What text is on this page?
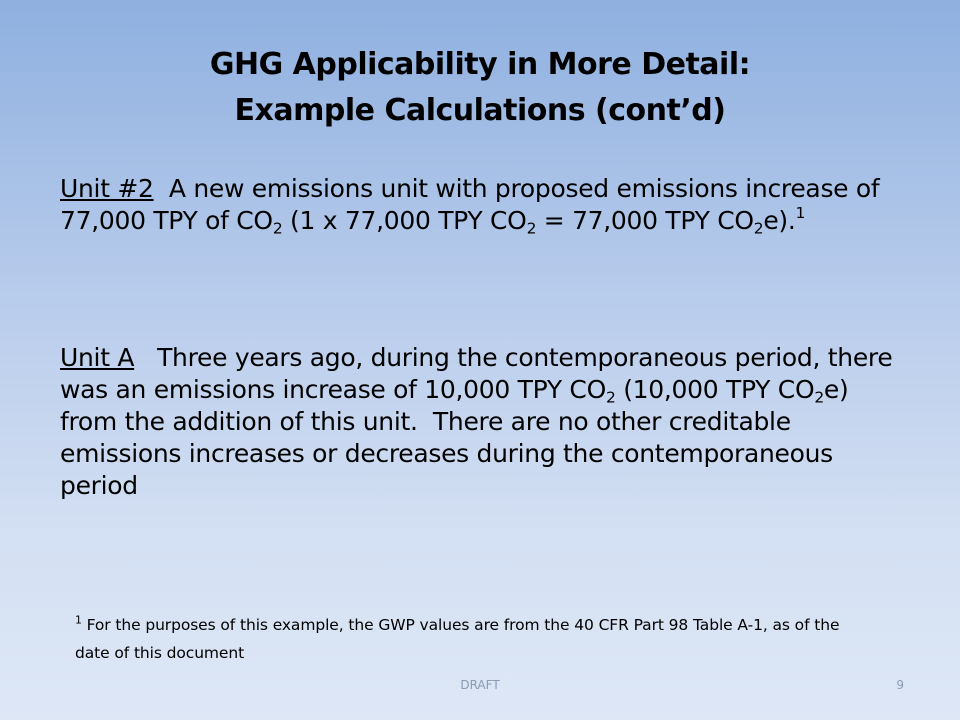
GHG Applicability in More Detail:
Example Calculations (cont’d)
Unit #2  A new emissions unit with proposed emissions increase of 77,000 TPY of $CO_2$ (1 x 77,000 TPY $CO_2 = 77,000$ TPY $CO_2e).^1$
Unit A   Three years ago, during the contemporaneous period, there was an emissions increase of 10,000 TPY $CO_2$ (10,000 TPY $CO_2e$) from the addition of this unit.  There are no other creditable emissions increases or decreases during the contemporaneous period
$^1$ For the purposes of this example, the GWP values are from the 40 CFR Part 98 Table A-1, as of the date of this document
DRAFT	9
